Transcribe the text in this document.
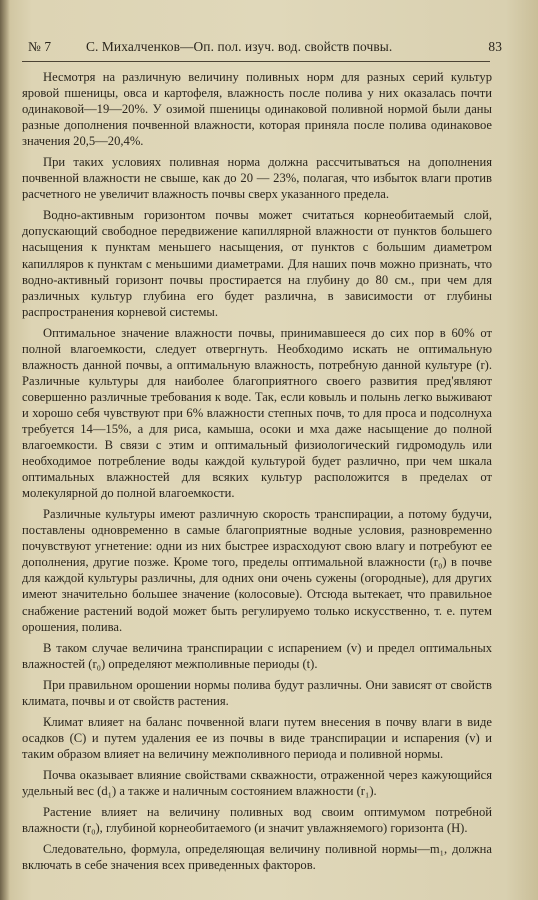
№ 7	С. Михалченков—Оп. пол. изуч. вод. свойств почвы.	83

Несмотря на различную величину поливных норм для разных серий культур яровой пшеницы, овса и картофеля, влажность после полива у них оказалась почти одинаковой—19—20%. У озимой пшеницы одинаковой поливной нормой были даны разные дополнения почвенной влажности, которая приняла после полива одинаковое значения 20,5—20,4%.

При таких условиях поливная норма должна рассчитываться на дополнения почвенной влажности не свыше, как до 20 — 23%, полагая, что избыток влаги против расчетного не увеличит влажность почвы сверх указанного предела.

Водно-активным горизонтом почвы может считаться корнеобитаемый слой, допускающий свободное передвижение капиллярной влажности от пунктов большего насыщения к пунктам меньшего насыщения, от пунктов с большим диаметром капилляров к пунктам с меньшими диаметрами. Для наших почв можно признать, что водно-активный горизонт почвы простирается на глубину до 80 см., при чем для различных культур глубина его будет различна, в зависимости от глубины распространения корневой системы.

Оптимальное значение влажности почвы, принимавшееся до сих пор в 60% от полной влагоемкости, следует отвергнуть. Необходимо искать не оптимальную влажность данной почвы, а оптимальную влажность, потребную данной культуре (r). Различные культуры для наиболее благоприятного своего развития пред'являют совершенно различные требования к воде. Так, если ковыль и полынь легко выживают и хорошо себя чувствуют при 6% влажности степных почв, то для проса и подсолнуха требуется 14—15%, а для риса, камыша, осоки и мха даже насыщение до полной влагоемкости. В связи с этим и оптимальный физиологический гидромодуль или необходимое потребление воды каждой культурой будет различно, при чем шкала оптимальных влажностей для всяких культур расположится в пределах от молекулярной до полной влагоемкости.

Различные культуры имеют различную скорость транспирации, а потому будучи, поставлены одновременно в самые благоприятные водные условия, разновременно почувствуют угнетение: одни из них быстрее израсходуют свою влагу и потребуют ее дополнения, другие позже. Кроме того, пределы оптимальной влажности (r₀) в почве для каждой культуры различны, для одних они очень сужены (огородные), для других имеют значительно большее значение (колосовые). Отсюда вытекает, что правильное снабжение растений водой может быть регулируемо только искусственно, т. е. путем орошения, полива.

В таком случае величина транспирации с испарением (v) и предел оптимальных влажностей (r₀) определяют межполивные периоды (t).

При правильном орошении нормы полива будут различны. Они зависят от свойств климата, почвы и от свойств растения.

Климат влияет на баланс почвенной влаги путем внесения в почву влаги в виде осадков (С) и путем удаления ее из почвы в виде транспирации и испарения (v) и таким образом влияет на величину межполивного периода и поливной нормы.

Почва оказывает влияние свойствами скважности, отраженной через кажующийся удельный вес (d₁) а также и наличным состоянием влажности (r₁).

Растение влияет на величину поливных вод своим оптимумом потребной влажности (r₀), глубиной корнеобитаемого (и значит увлажняемого) горизонта (Н).

Следовательно, формула, определяющая величину поливной нормы—m₁, должна включать в себе значения всех приведенных факторов.
